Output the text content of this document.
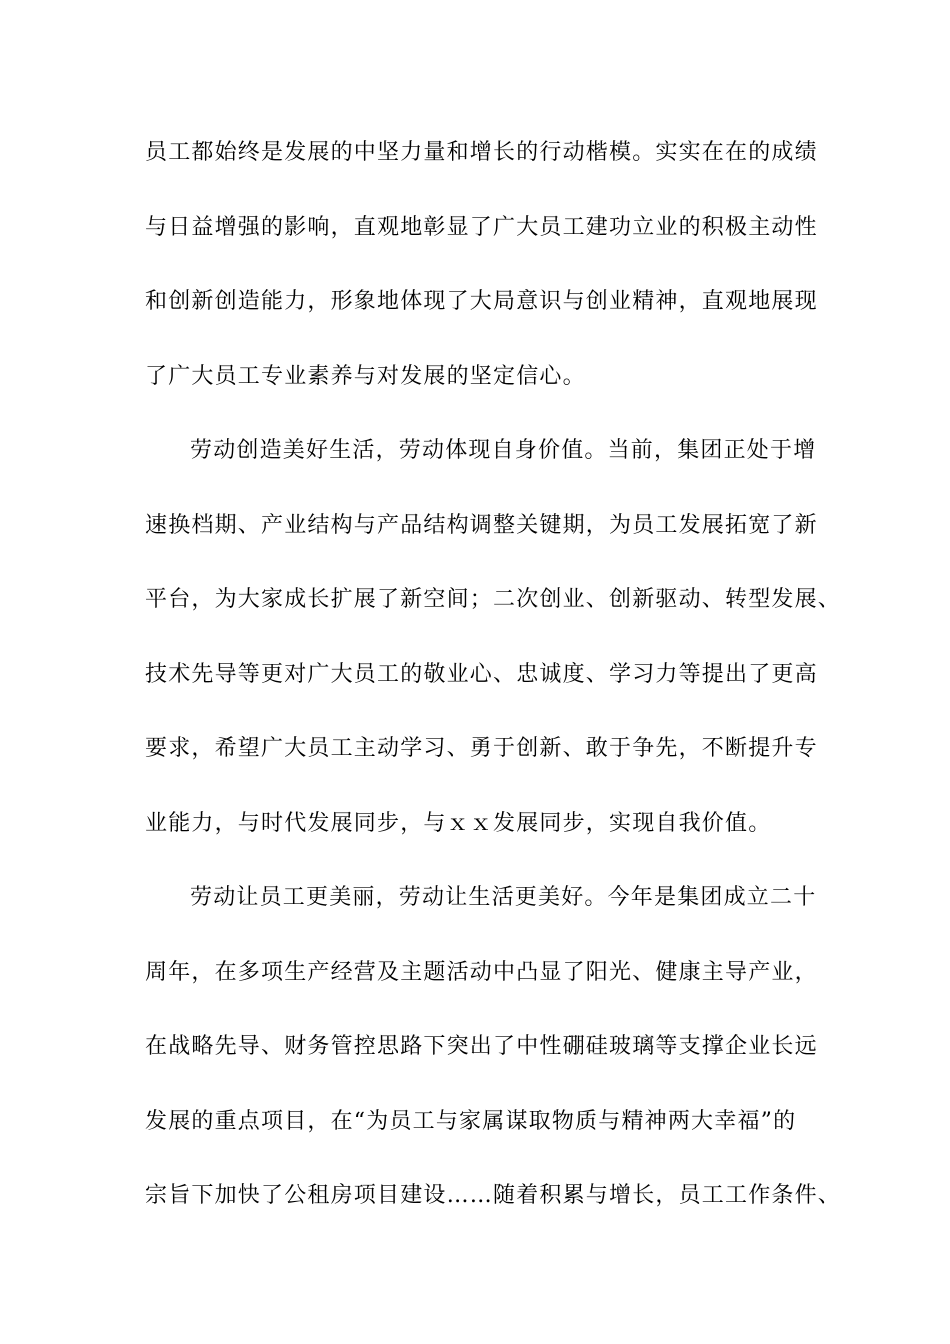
员工都始终是发展的中坚力量和增长的行动楷模。实实在在的成绩
与日益增强的影响，直观地彰显了广大员工建功立业的积极主动性
和创新创造能力，形象地体现了大局意识与创业精神，直观地展现
了广大员工专业素养与对发展的坚定信心。
劳动创造美好生活，劳动体现自身价值。当前，集团正处于增
速换档期、产业结构与产品结构调整关键期，为员工发展拓宽了新
平台，为大家成长扩展了新空间；二次创业、创新驱动、转型发展、
技术先导等更对广大员工的敬业心、忠诚度、学习力等提出了更高
要求，希望广大员工主动学习、勇于创新、敢于争先，不断提升专
业能力，与时代发展同步，与ｘｘ发展同步，实现自我价值。
劳动让员工更美丽，劳动让生活更美好。今年是集团成立二十
周年，在多项生产经营及主题活动中凸显了阳光、健康主导产业，
在战略先导、财务管控思路下突出了中性硼硅玻璃等支撑企业长远
发展的重点项目，在“为员工与家属谋取物质与精神两大幸福”的
宗旨下加快了公租房项目建设……随着积累与增长，员工工作条件、
